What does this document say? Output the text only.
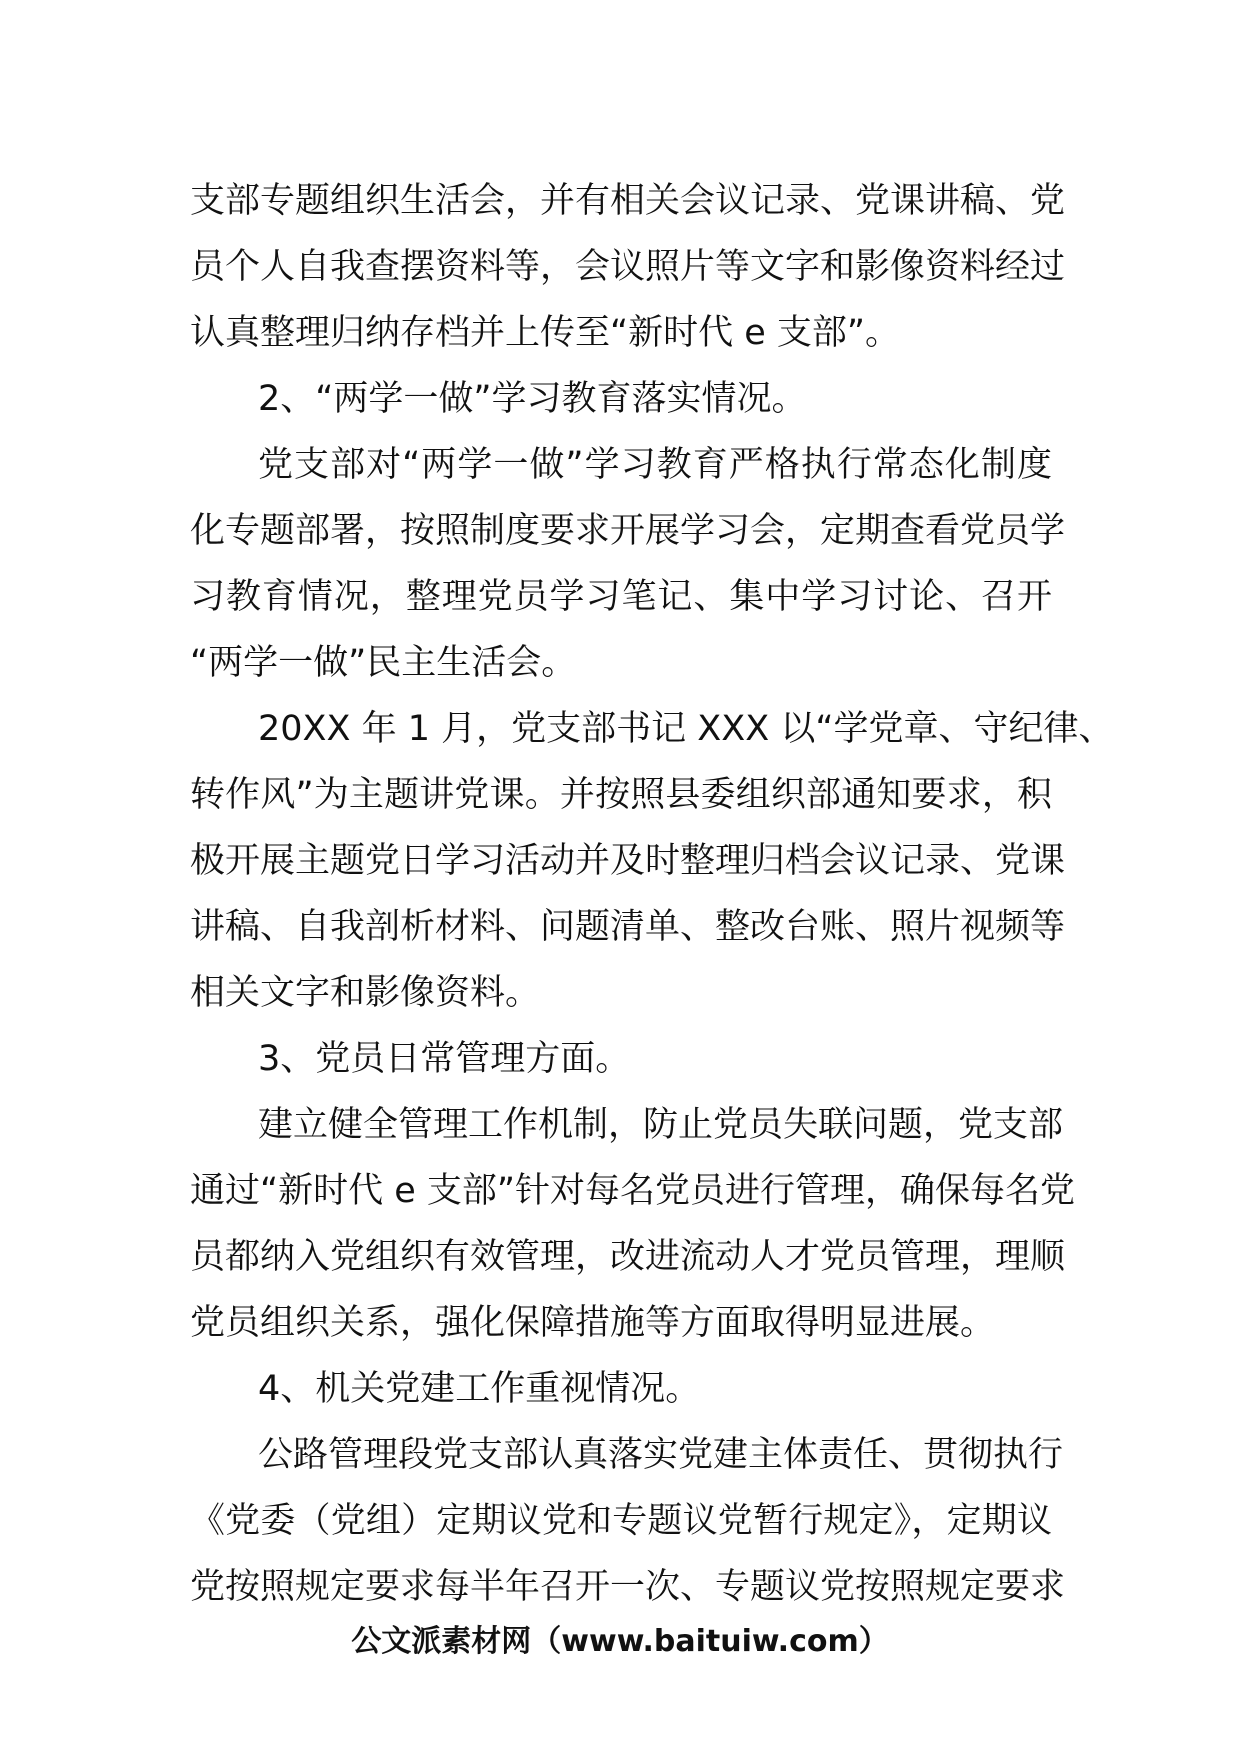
支部专题组织生活会，并有相关会议记录、党课讲稿、党
员个人自我查摆资料等，会议照片等文字和影像资料经过
认真整理归纳存档并上传至“新时代 e 支部”。
2、“两学一做”学习教育落实情况。
党支部对“两学一做”学习教育严格执行常态化制度
化专题部署，按照制度要求开展学习会，定期查看党员学
习教育情况，整理党员学习笔记、集中学习讨论、召开
“两学一做”民主生活会。
20XX 年 1 月，党支部书记 XXX 以“学党章、守纪律、
转作风”为主题讲党课。并按照县委组织部通知要求，积
极开展主题党日学习活动并及时整理归档会议记录、党课
讲稿、自我剖析材料、问题清单、整改台账、照片视频等
相关文字和影像资料。
3、党员日常管理方面。
建立健全管理工作机制，防止党员失联问题，党支部
通过“新时代 e 支部”针对每名党员进行管理，确保每名党
员都纳入党组织有效管理，改进流动人才党员管理，理顺
党员组织关系，强化保障措施等方面取得明显进展。
4、机关党建工作重视情况。
公路管理段党支部认真落实党建主体责任、贯彻执行
《党委（党组）定期议党和专题议党暂行规定》，定期议
党按照规定要求每半年召开一次、专题议党按照规定要求
公文派素材网（www.baituiw.com）
